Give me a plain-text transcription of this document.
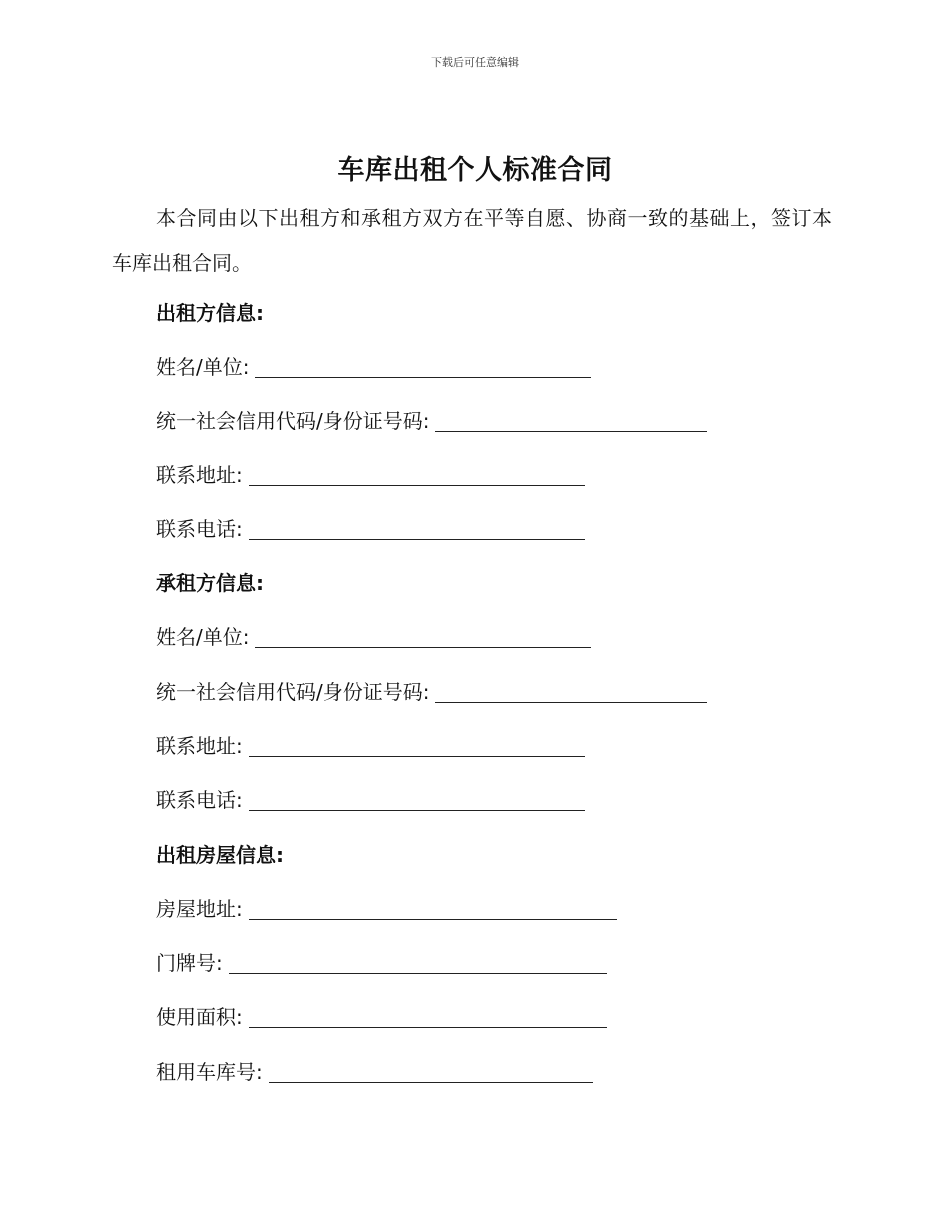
下载后可任意编辑
车库出租个人标准合同
本合同由以下出租方和承租方双方在平等自愿、协商一致的基础上，签订本车库出租合同。
出租方信息:
姓名/单位:
统一社会信用代码/身份证号码:
联系地址:
联系电话:
承租方信息:
姓名/单位:
统一社会信用代码/身份证号码:
联系地址:
联系电话:
出租房屋信息:
房屋地址:
门牌号:
使用面积:
租用车库号:
